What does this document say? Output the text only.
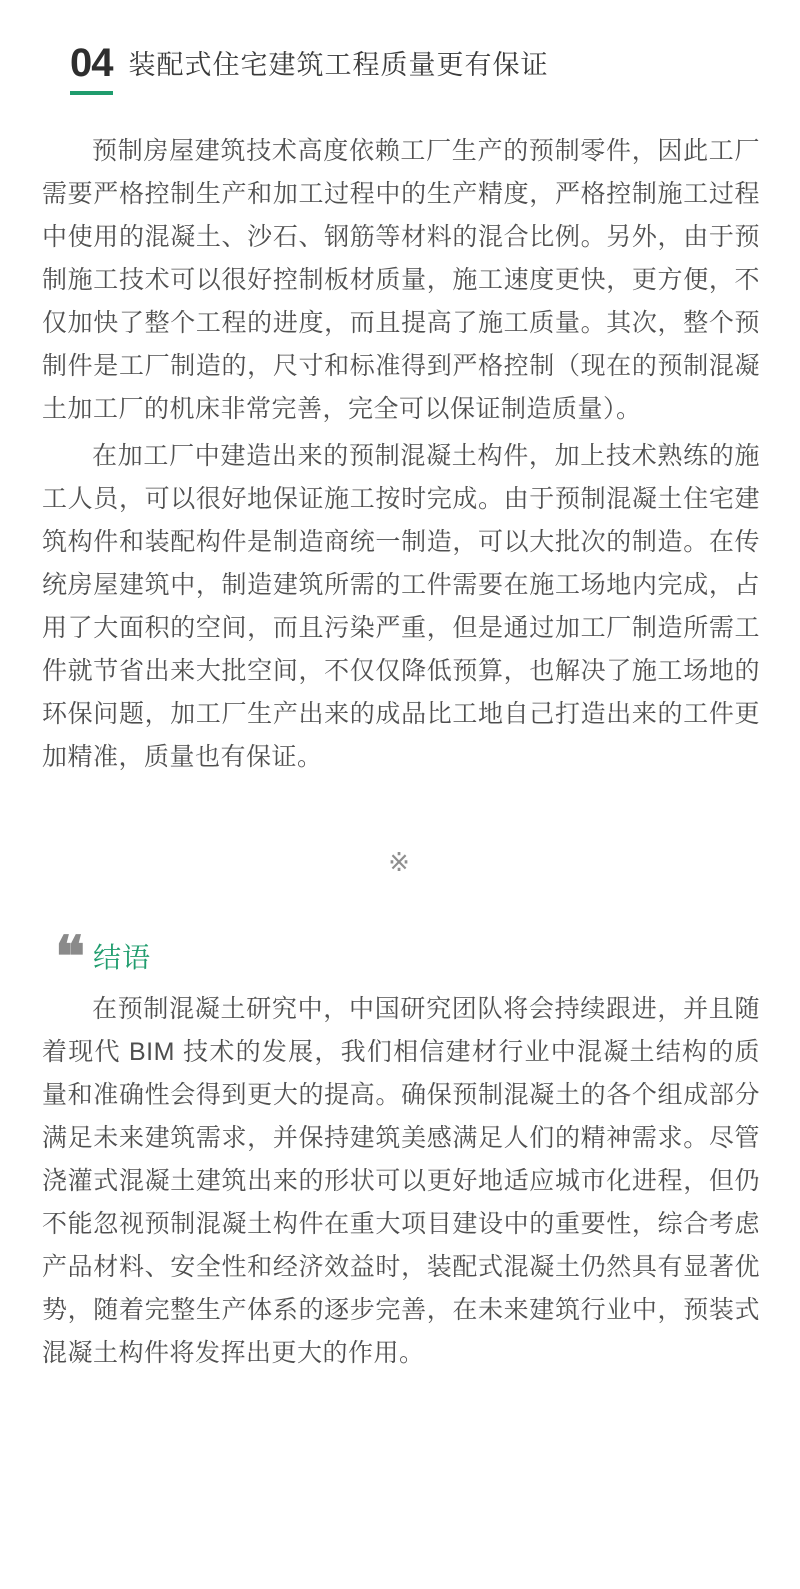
04 装配式住宅建筑工程质量更有保证

预制房屋建筑技术高度依赖工厂生产的预制零件，因此工厂需要严格控制生产和加工过程中的生产精度，严格控制施工过程中使用的混凝土、沙石、钢筋等材料的混合比例。另外，由于预制施工技术可以很好控制板材质量，施工速度更快，更方便，不仅加快了整个工程的进度，而且提高了施工质量。其次，整个预制件是工厂制造的，尺寸和标准得到严格控制（现在的预制混凝土加工厂的机床非常完善，完全可以保证制造质量）。

在加工厂中建造出来的预制混凝土构件，加上技术熟练的施工人员，可以很好地保证施工按时完成。由于预制混凝土住宅建筑构件和装配构件是制造商统一制造，可以大批次的制造。在传统房屋建筑中，制造建筑所需的工件需要在施工场地内完成，占用了大面积的空间，而且污染严重，但是通过加工厂制造所需工件就节省出来大批空间，不仅仅降低预算，也解决了施工场地的环保问题，加工厂生产出来的成品比工地自己打造出来的工件更加精准，质量也有保证。

※
❝ 结语

在预制混凝土研究中，中国研究团队将会持续跟进，并且随着现代 BIM 技术的发展，我们相信建材行业中混凝土结构的质量和准确性会得到更大的提高。确保预制混凝土的各个组成部分满足未来建筑需求，并保持建筑美感满足人们的精神需求。尽管浇灌式混凝土建筑出来的形状可以更好地适应城市化进程，但仍不能忽视预制混凝土构件在重大项目建设中的重要性，综合考虑产品材料、安全性和经济效益时，装配式混凝土仍然具有显著优势，随着完整生产体系的逐步完善，在未来建筑行业中，预装式混凝土构件将发挥出更大的作用。
